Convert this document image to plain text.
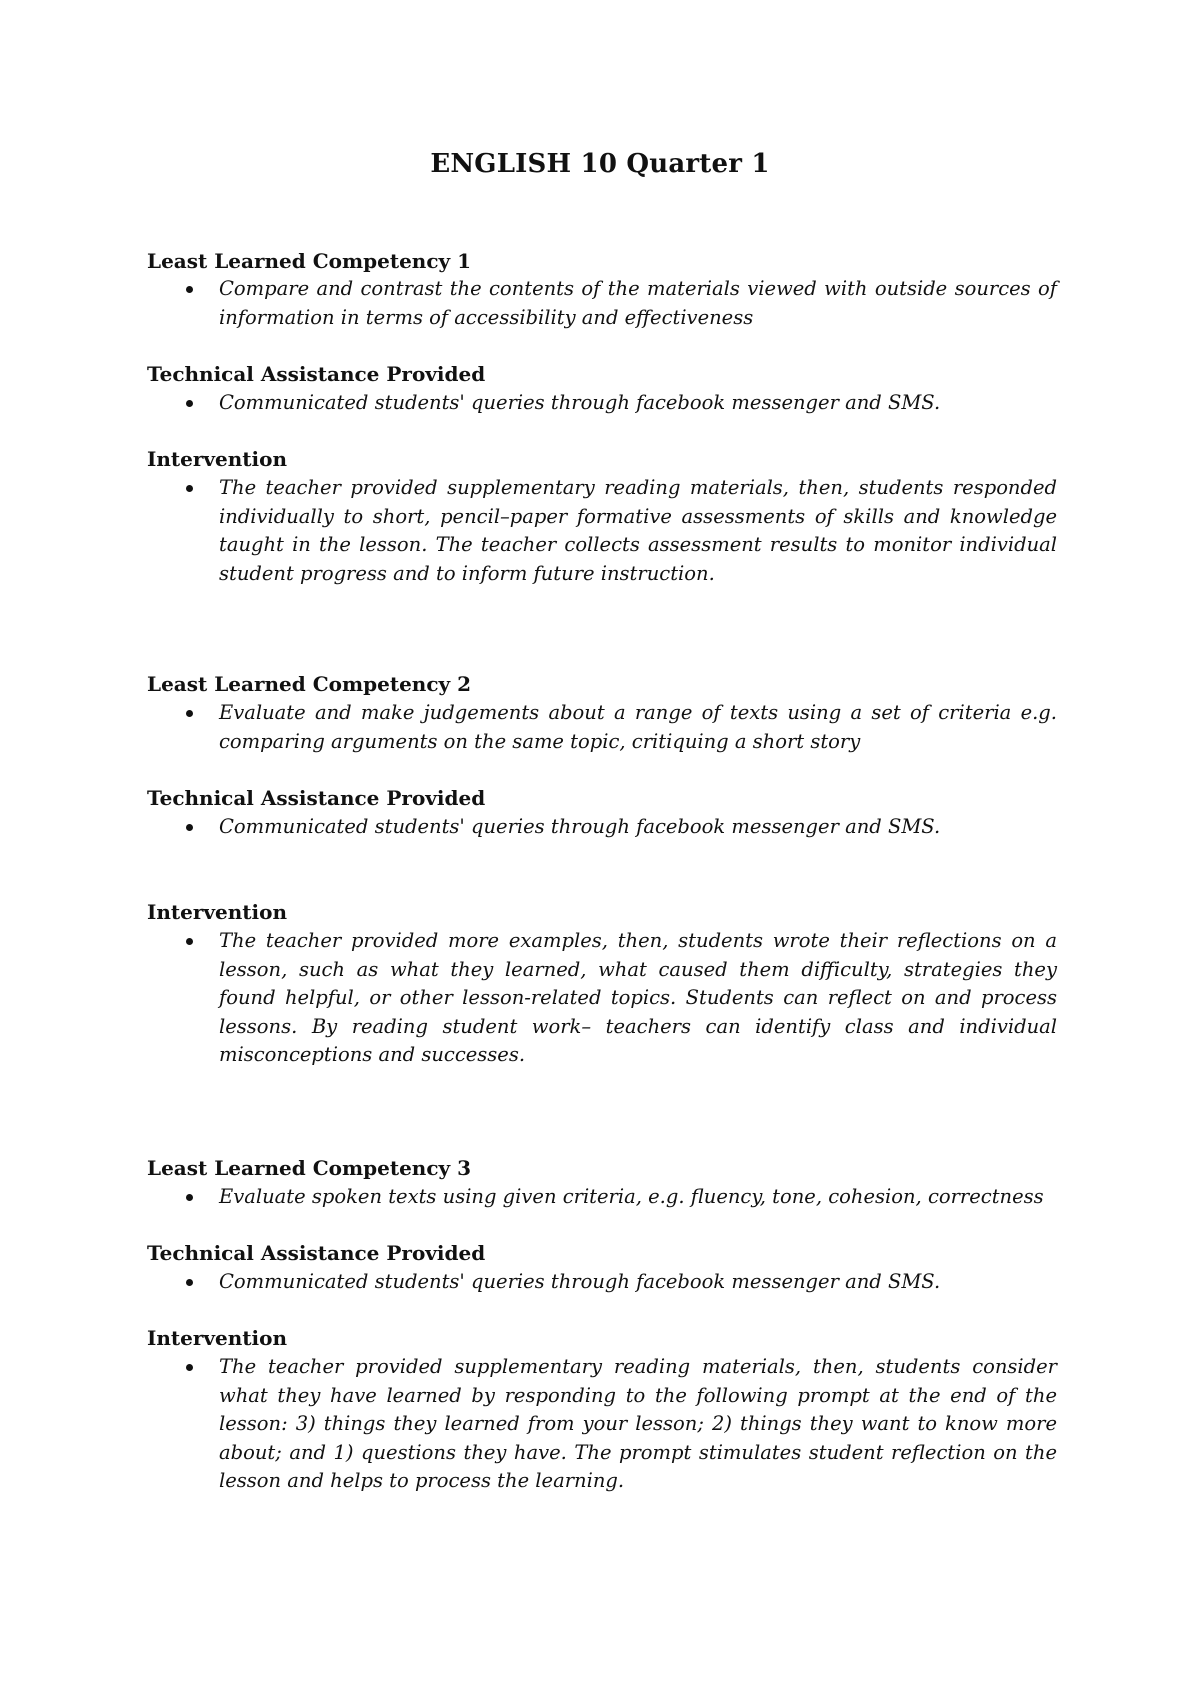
ENGLISH 10 Quarter 1
Least Learned Competency 1
Compare and contrast the contents of the materials viewed with outside sources of information in terms of accessibility and effectiveness
Technical Assistance Provided
Communicated students' queries through facebook messenger and SMS.
Intervention
The teacher provided supplementary reading materials, then, students responded individually to short, pencil–paper formative assessments of skills and knowledge taught in the lesson. The teacher collects assessment results to monitor individual student progress and to inform future instruction.
Least Learned Competency 2
Evaluate and make judgements about a range of texts using a set of criteria e.g. comparing arguments on the same topic, critiquing a short story
Technical Assistance Provided
Communicated students' queries through facebook messenger and SMS.
Intervention
The teacher provided more examples, then, students wrote their reflections on a lesson, such as what they learned, what caused them difficulty, strategies they found helpful, or other lesson-related topics. Students can reflect on and process lessons. By reading student work– teachers can identify class and individual misconceptions and successes.
Least Learned Competency 3
Evaluate spoken texts using given criteria, e.g. fluency, tone, cohesion, correctness
Technical Assistance Provided
Communicated students' queries through facebook messenger and SMS.
Intervention
The teacher provided supplementary reading materials, then, students consider what they have learned by responding to the following prompt at the end of the lesson: 3) things they learned from your lesson; 2) things they want to know more about; and 1) questions they have. The prompt stimulates student reflection on the lesson and helps to process the learning.
